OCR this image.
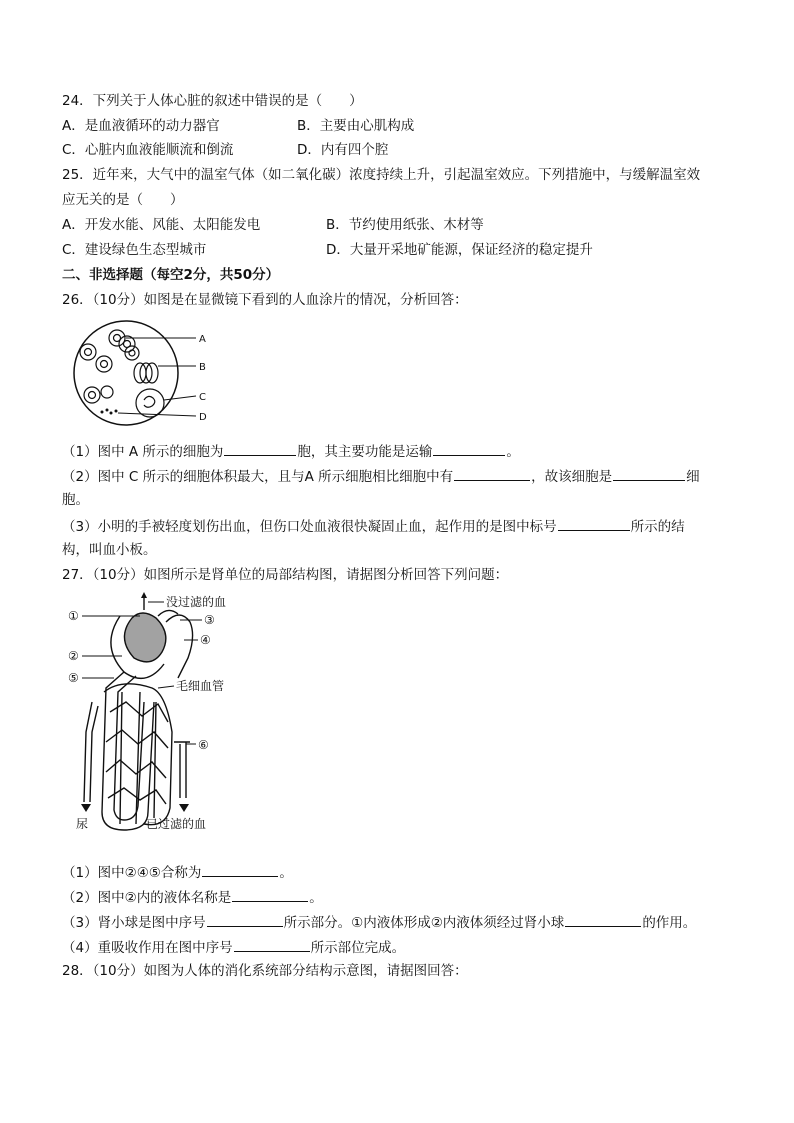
24．下列关于人体心脏的叙述中错误的是（　　）
A．是血液循环的动力器官	B．主要由心肌构成
C．心脏内血液能顺流和倒流	D．内有四个腔
25．近年来，大气中的温室气体（如二氧化碳）浓度持续上升，引起温室效应。下列措施中，与缓解温室效
应无关的是（　　）
A．开发水能、风能、太阳能发电	B．节约使用纸张、木材等
C．建设绿色生态型城市	D．大量开采地矿能源，保证经济的稳定提升
二、非选择题（每空2分，共50分）
26．（10分）如图是在显微镜下看到的人血涂片的情况，分析回答：
A
B
C
D
（1）图中 A 所示的细胞为	胞，其主要功能是运输	。
（2）图中 C 所示的细胞体积最大，且与A 所示细胞相比细胞中有	，故该细胞是	细
胞。
（3）小明的手被轻度划伤出血，但伤口处血液很快凝固止血，起作用的是图中标号	所示的结
构，叫血小板。
27．（10分）如图所示是肾单位的局部结构图，请据图分析回答下列问题：
①
②
⑤
③
④
⑥
没过滤的血
毛细血管
尿	已过滤的血
（1）图中②④⑤合称为	。
（2）图中②内的液体名称是	。
（3）肾小球是图中序号	所示部分。①内液体形成②内液体须经过肾小球	的作用。
（4）重吸收作用在图中序号	所示部位完成。
28．（10分）如图为人体的消化系统部分结构示意图，请据图回答：
